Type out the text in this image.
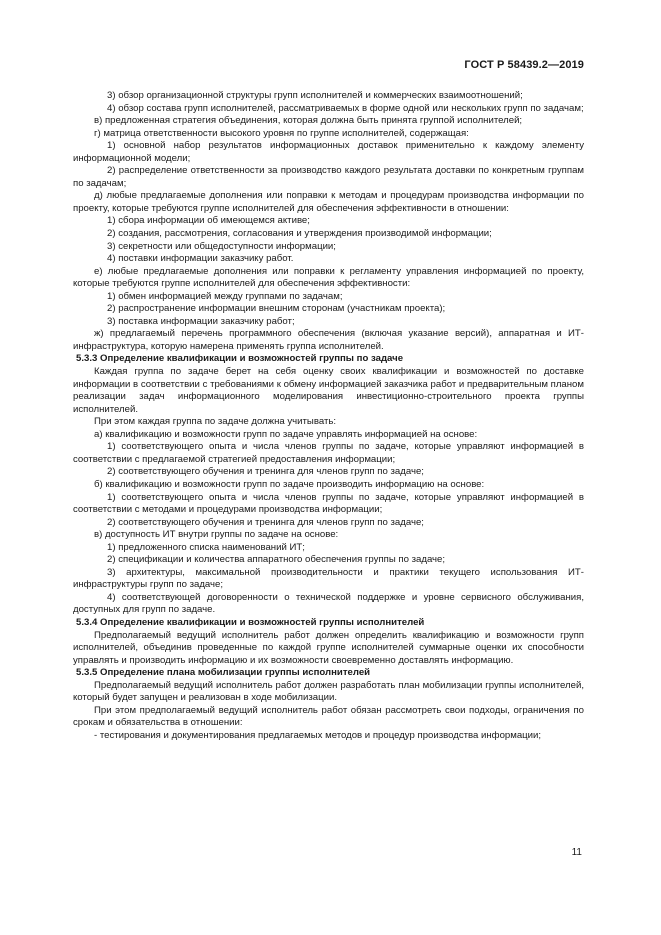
ГОСТ Р 58439.2—2019

3) обзор организационной структуры групп исполнителей и коммерческих взаимоотношений;

4) обзор состава групп исполнителей, рассматриваемых в форме одной или нескольких групп по задачам;

в) предложенная стратегия объединения, которая должна быть принята группой исполнителей;

г) матрица ответственности высокого уровня по группе исполнителей, содержащая:

1) основной набор результатов информационных доставок применительно к каждому элементу информационной модели;

2) распределение ответственности за производство каждого результата доставки по конкретным группам по задачам;

д) любые предлагаемые дополнения или поправки к методам и процедурам производства информации по проекту, которые требуются группе исполнителей для обеспечения эффективности в отношении:

1) сбора информации об имеющемся активе;

2) создания, рассмотрения, согласования и утверждения производимой информации;

3) секретности или общедоступности информации;

4) поставки информации заказчику работ.

е) любые предлагаемые дополнения или поправки к регламенту управления информацией по проекту, которые требуются группе исполнителей для обеспечения эффективности:

1) обмен информацией между группами по задачам;

2) распространение информации внешним сторонам (участникам проекта);

3) поставка информации заказчику работ;

ж) предлагаемый перечень программного обеспечения (включая указание версий), аппаратная и ИТ-инфраструктура, которую намерена применять группа исполнителей.

5.3.3 Определение квалификации и возможностей группы по задаче

Каждая группа по задаче берет на себя оценку своих квалификации и возможностей по доставке информации в соответствии с требованиями к обмену информацией заказчика работ и предварительным планом реализации задач информационного моделирования инвестиционно-строительного проекта группы исполнителей.

При этом каждая группа по задаче должна учитывать:

а) квалификацию и возможности групп по задаче управлять информацией на основе:

1) соответствующего опыта и числа членов группы по задаче, которые управляют информацией в соответствии с предлагаемой стратегией предоставления информации;

2) соответствующего обучения и тренинга для членов групп по задаче;

б) квалификацию и возможности групп по задаче производить информацию на основе:

1) соответствующего опыта и числа членов группы по задаче, которые управляют информацией в соответствии с методами и процедурами производства информации;

2) соответствующего обучения и тренинга для членов групп по задаче;

в) доступность ИТ внутри группы по задаче на основе:

1) предложенного списка наименований ИТ;

2) спецификации и количества аппаратного обеспечения группы по задаче;

3) архитектуры, максимальной производительности и практики текущего использования ИТ-инфраструктуры групп по задаче;

4) соответствующей договоренности о технической поддержке и уровне сервисного обслуживания, доступных для групп по задаче.

5.3.4 Определение квалификации и возможностей группы исполнителей

Предполагаемый ведущий исполнитель работ должен определить квалификацию и возможности групп исполнителей, объединив проведенные по каждой группе исполнителей суммарные оценки их способности управлять и производить информацию и их возможности своевременно доставлять информацию.

5.3.5 Определение плана мобилизации группы исполнителей

Предполагаемый ведущий исполнитель работ должен разработать план мобилизации группы исполнителей, который будет запущен и реализован в ходе мобилизации.

При этом предполагаемый ведущий исполнитель работ обязан рассмотреть свои подходы, ограничения по срокам и обязательства в отношении:

- тестирования и документирования предлагаемых методов и процедур производства информации;

11
